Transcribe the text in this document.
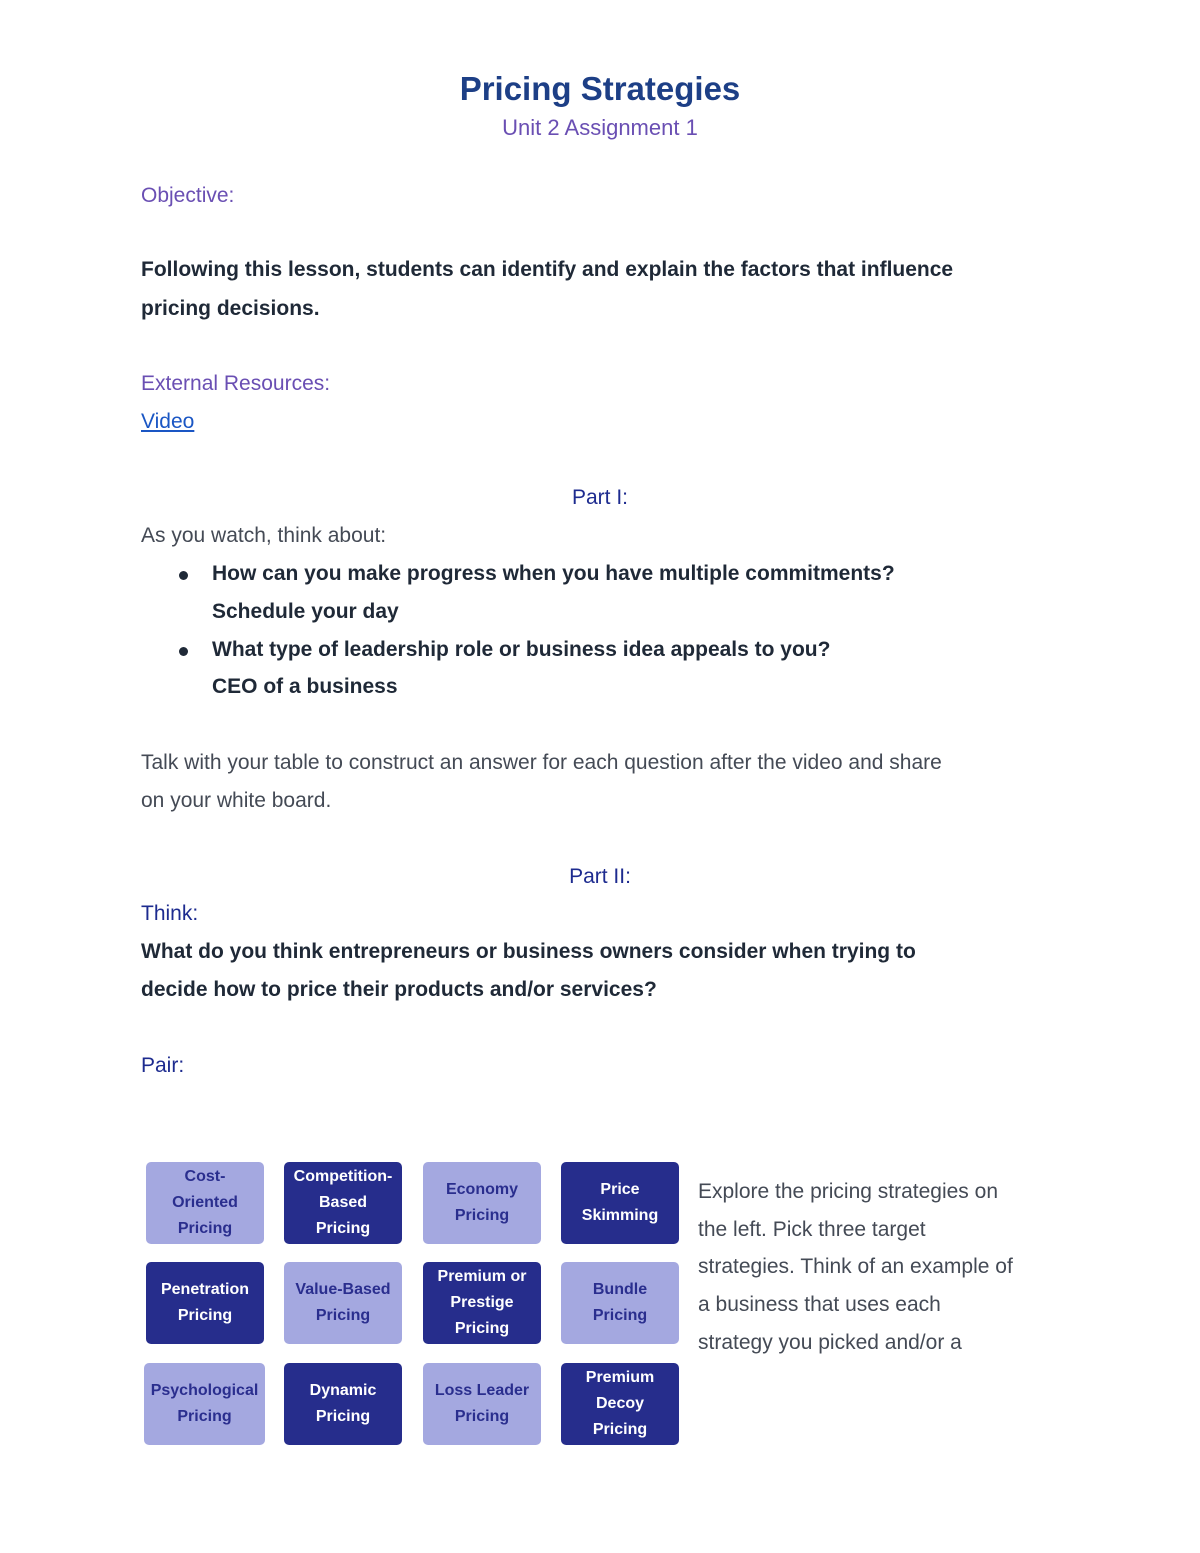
Pricing Strategies
Unit 2 Assignment 1
Objective:
Following this lesson, students can identify and explain the factors that influence
pricing decisions.
External Resources:
Video
Part I:
As you watch, think about:
How can you make progress when you have multiple commitments?
Schedule your day
What type of leadership role or business idea appeals to you?
CEO of a business
Talk with your table to construct an answer for each question after the video and share
on your white board.
Part II:
Think:
What do you think entrepreneurs or business owners consider when trying to
decide how to price their products and/or services?
Pair:
Cost-
Oriented
Pricing
Competition-
Based
Pricing
Economy
Pricing
Price
Skimming
Penetration
Pricing
Value-Based
Pricing
Premium or
Prestige
Pricing
Bundle
Pricing
Psychological
Pricing
Dynamic
Pricing
Loss Leader
Pricing
Premium
Decoy
Pricing
Explore the pricing strategies on
the left. Pick three target
strategies. Think of an example of
a business that uses each
strategy you picked and/or a
